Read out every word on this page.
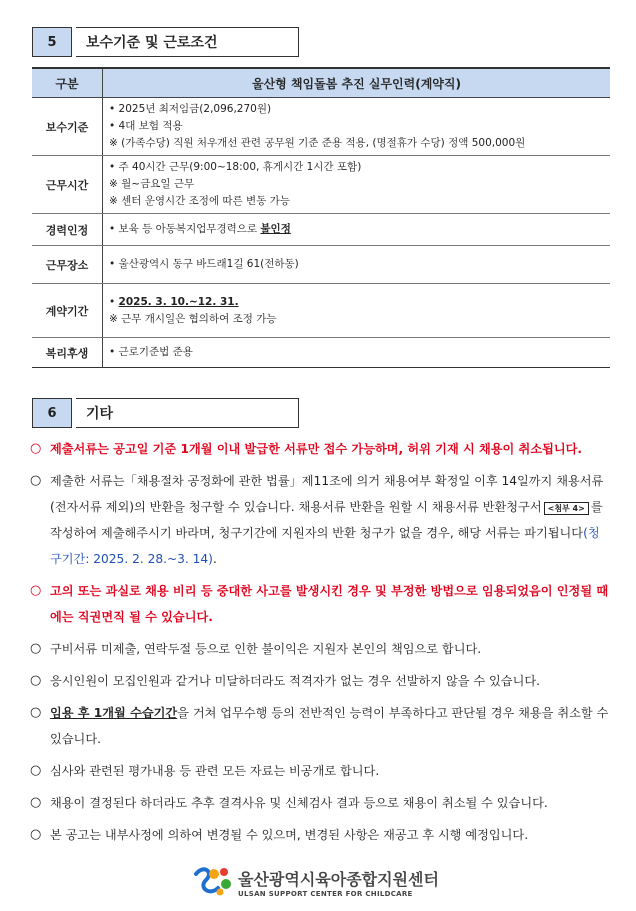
5	보수기준 및 근로조건
구분	울산형 책임돌봄 추진 실무인력(계약직)
보수기준	• 2025년 최저임금(2,096,270원)
• 4대 보험 적용
※ (가족수당) 직원 처우개선 관련 공무원 기준 준용 적용, (명절휴가 수당) 정액 500,000원

근무시간	• 주 40시간 근무(9:00~18:00, 휴게시간 1시간 포함)
※ 월~금요일 근무
※ 센터 운영시간 조정에 따른 변동 가능

경력인정	• 보육 등 아동복지업무경력으로 불인정
근무장소	• 울산광역시 동구 바드래1길 61(전하동)
계약기간	• 2025. 3. 10.~12. 31.
※ 근무 개시일은 협의하여 조정 가능

복리후생	• 근로기준법 준용
6	기타
○ 제출서류는 공고일 기준 1개월 이내 발급한 서류만 접수 가능하며, 허위 기재 시 채용이 취소됩니다.
○ 제출한 서류는「채용절차 공정화에 관한 법률」제11조에 의거 채용여부 확정일 이후 14일까지 채용서류(전자서류 제외)의 반환을 청구할 수 있습니다. 채용서류 반환을 원할 시 채용서류 반환청구서 <첨부 4> 를 작성하여 제출해주시기 바라며, 청구기간에 지원자의 반환 청구가 없을 경우, 해당 서류는 파기됩니다(청구기간: 2025. 2. 28.~3. 14).
○ 고의 또는 과실로 채용 비리 등 중대한 사고를 발생시킨 경우 및 부정한 방법으로 임용되었음이 인정될 때에는 직권면직 될 수 있습니다.
○ 구비서류 미제출, 연락두절 등으로 인한 불이익은 지원자 본인의 책임으로 합니다.
○ 응시인원이 모집인원과 같거나 미달하더라도 적격자가 없는 경우 선발하지 않을 수 있습니다.
○ 임용 후 1개월 수습기간을 거쳐 업무수행 등의 전반적인 능력이 부족하다고 판단될 경우 채용을 취소할 수 있습니다.
○ 심사와 관련된 평가내용 등 관련 모든 자료는 비공개로 합니다.
○ 채용이 결정된다 하더라도 추후 결격사유 및 신체검사 결과 등으로 채용이 취소될 수 있습니다.
○ 본 공고는 내부사정에 의하여 변경될 수 있으며, 변경된 사항은 재공고 후 시행 예정입니다.
울산광역시육아종합지원센터
ULSAN SUPPORT CENTER FOR CHILDCARE
